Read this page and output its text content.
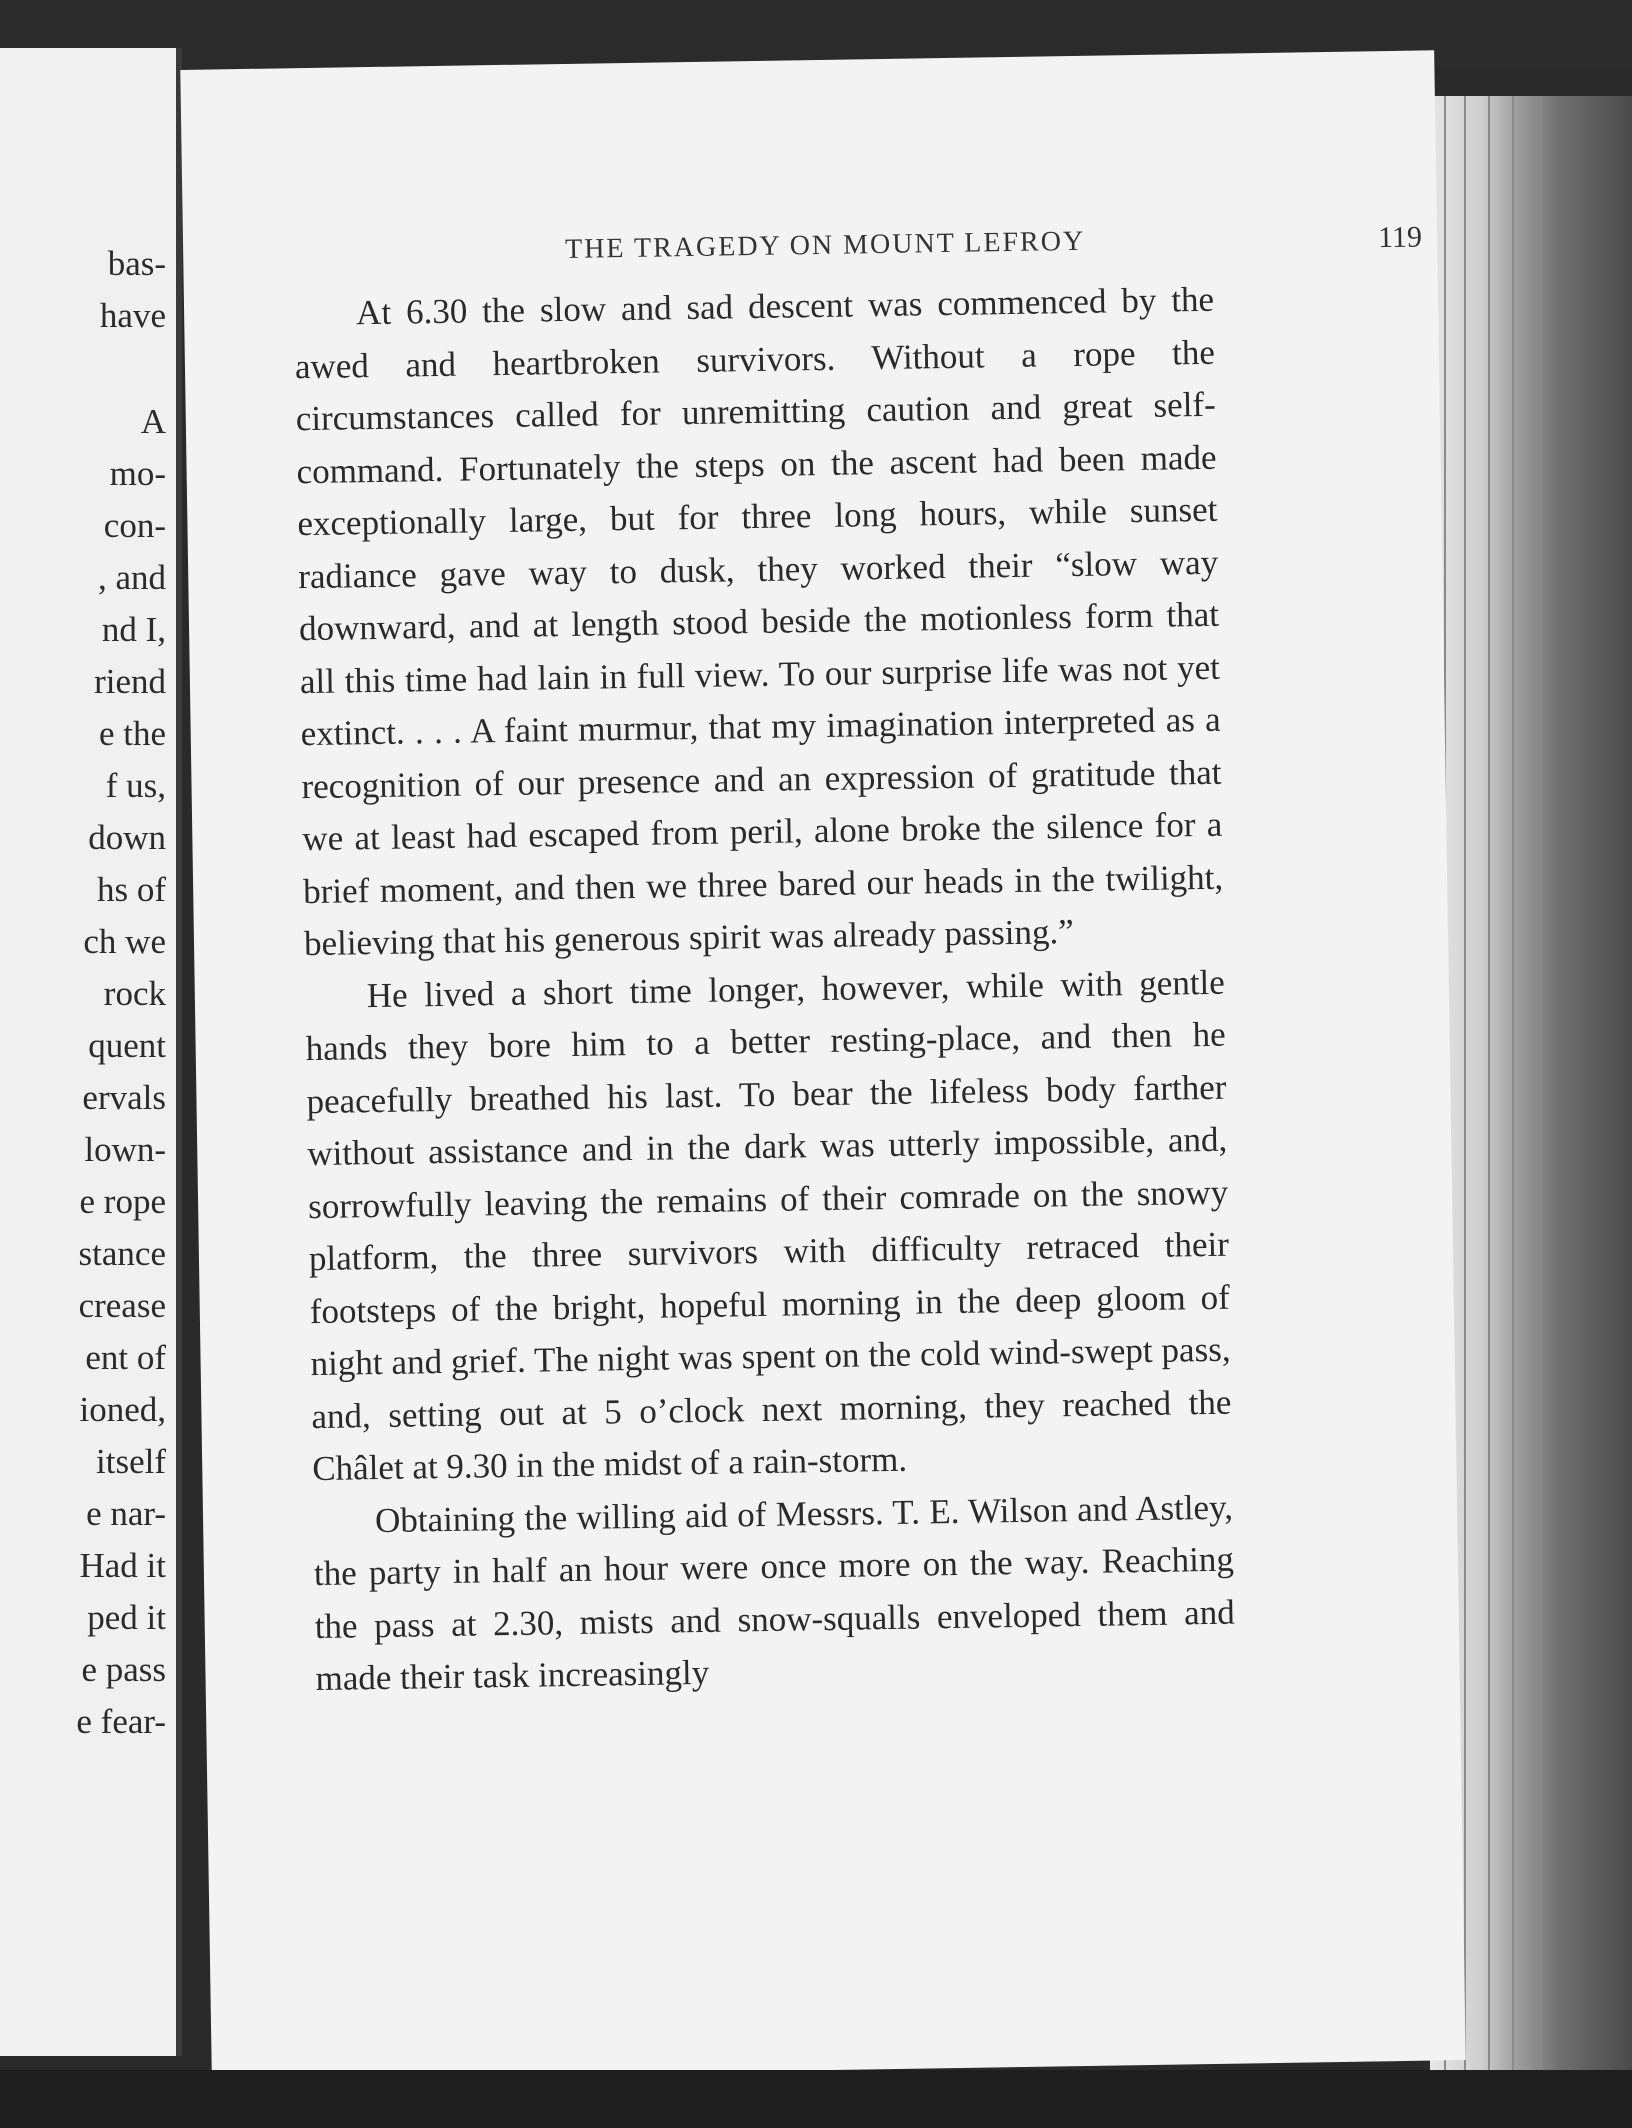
bas-
have
A
mo-
con-
, and
nd I,
riend
e the
f us,
down
hs of
ch we
rock
quent
ervals
lown-
e rope
stance
crease
ent of
ioned,
itself
e nar-
Had it
ped it
e pass
e fear-
THE TRAGEDY ON MOUNT LEFROY	119

At 6.30 the slow and sad descent was commenced by the awed and heartbroken survivors. Without a rope the circumstances called for unremitting caution and great self-command. Fortunately the steps on the ascent had been made exceptionally large, but for three long hours, while sunset radiance gave way to dusk, they worked their “slow way downward, and at length stood beside the motionless form that all this time had lain in full view. To our surprise life was not yet extinct. . . . A faint murmur, that my imagination interpreted as a recognition of our presence and an expression of gratitude that we at least had escaped from peril, alone broke the silence for a brief moment, and then we three bared our heads in the twilight, believing that his generous spirit was already passing.”

He lived a short time longer, however, while with gentle hands they bore him to a better resting-place, and then he peacefully breathed his last. To bear the lifeless body farther without assistance and in the dark was utterly impossible, and, sorrowfully leaving the remains of their comrade on the snowy platform, the three survivors with difficulty retraced their footsteps of the bright, hopeful morning in the deep gloom of night and grief. The night was spent on the cold wind-swept pass, and, setting out at 5 o’clock next morning, they reached the Châlet at 9.30 in the midst of a rain-storm.

Obtaining the willing aid of Messrs. T. E. Wilson and Astley, the party in half an hour were once more on the way. Reaching the pass at 2.30, mists and snow-squalls enveloped them and made their task increasingly
